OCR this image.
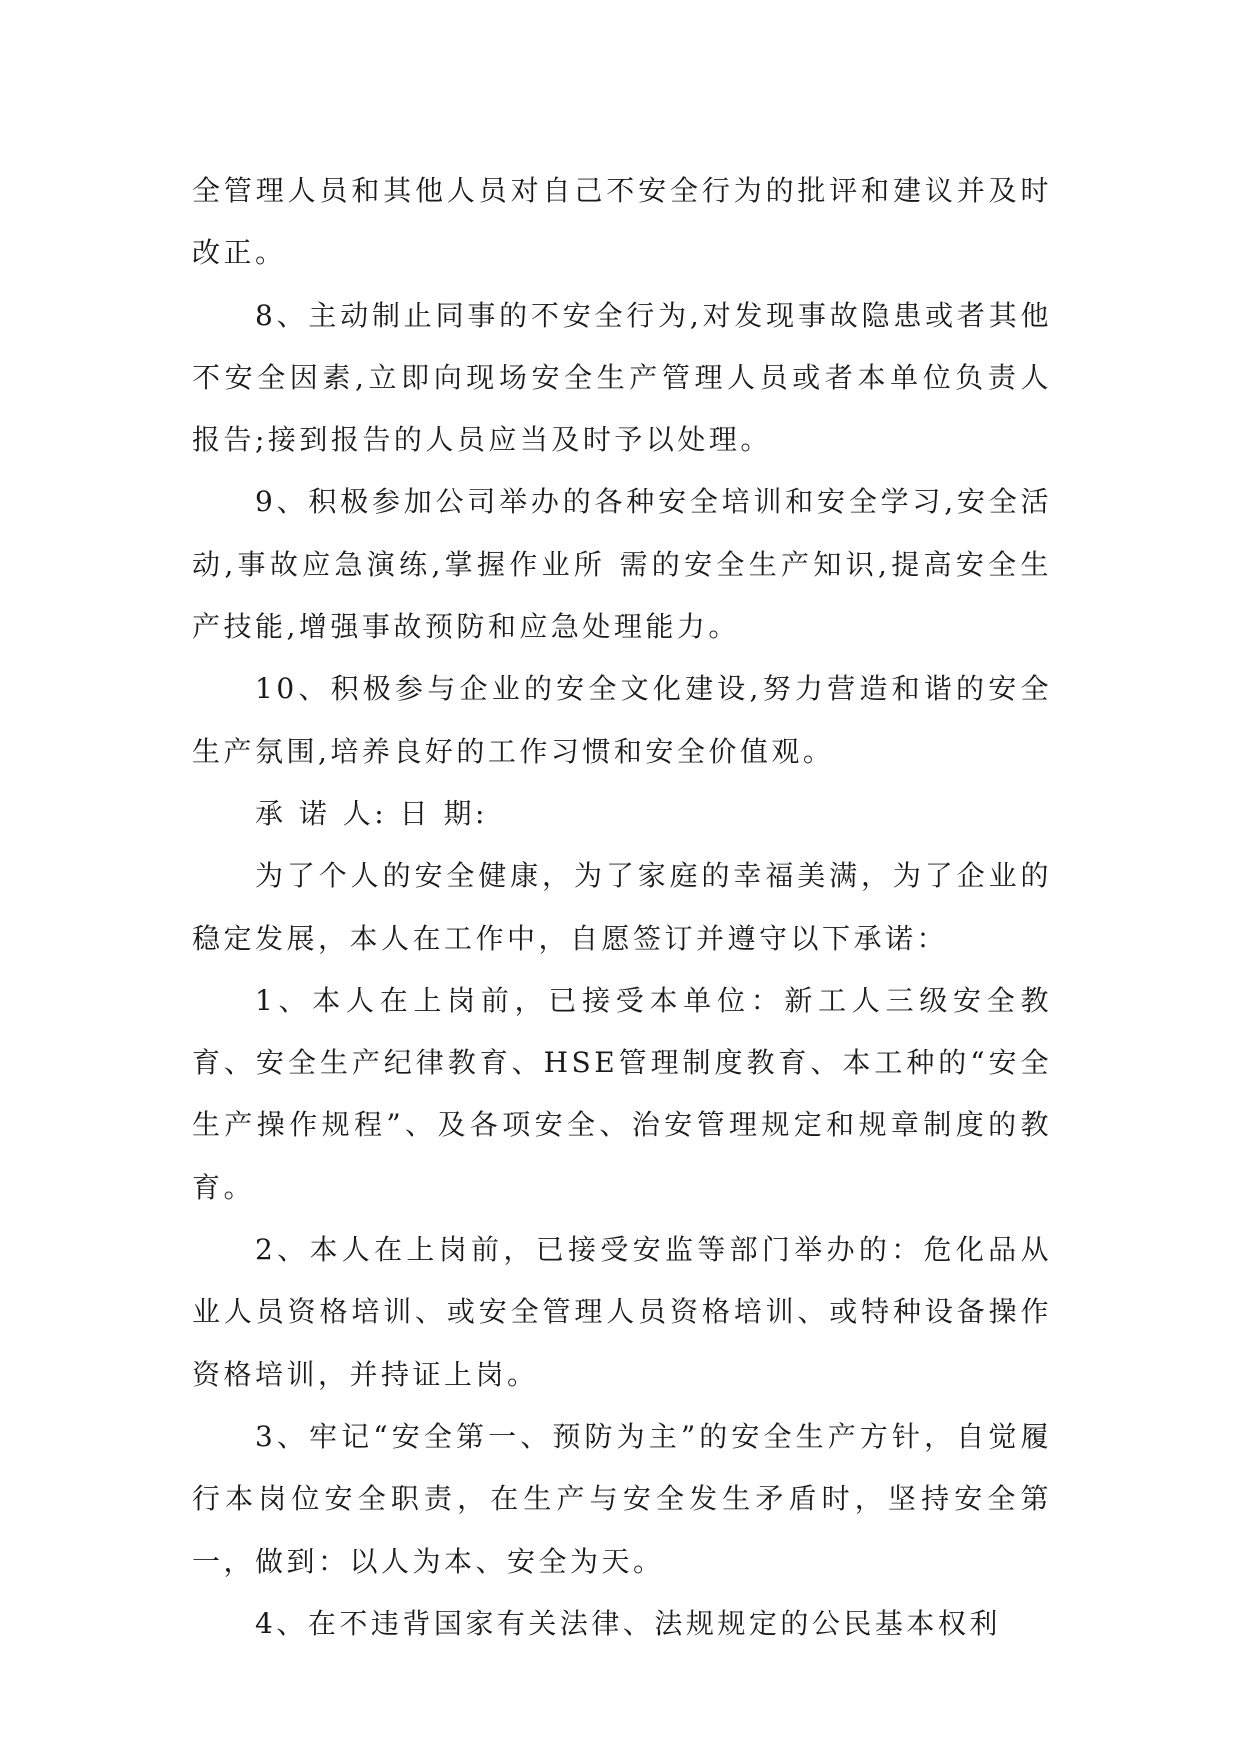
全管理人员和其他人员对自己不安全行为的批评和建议并及时改正。

8、主动制止同事的不安全行为,对发现事故隐患或者其他不安全因素,立即向现场安全生产管理人员或者本单位负责人报告;接到报告的人员应当及时予以处理。

9、积极参加公司举办的各种安全培训和安全学习,安全活动,事故应急演练,掌握作业所 需的安全生产知识,提高安全生产技能,增强事故预防和应急处理能力。

10、积极参与企业的安全文化建设,努力营造和谐的安全生产氛围,培养良好的工作习惯和安全价值观。

承 诺 人: 日 期:

为了个人的安全健康，为了家庭的幸福美满，为了企业的稳定发展，本人在工作中，自愿签订并遵守以下承诺：

1、本人在上岗前，已接受本单位：新工人三级安全教育、安全生产纪律教育、HSE管理制度教育、本工种的“安全生产操作规程”、及各项安全、治安管理规定和规章制度的教育。

2、本人在上岗前，已接受安监等部门举办的：危化品从业人员资格培训、或安全管理人员资格培训、或特种设备操作资格培训，并持证上岗。

3、牢记“安全第一、预防为主”的安全生产方针，自觉履行本岗位安全职责，在生产与安全发生矛盾时，坚持安全第一，做到：以人为本、安全为天。

4、在不违背国家有关法律、法规规定的公民基本权利
